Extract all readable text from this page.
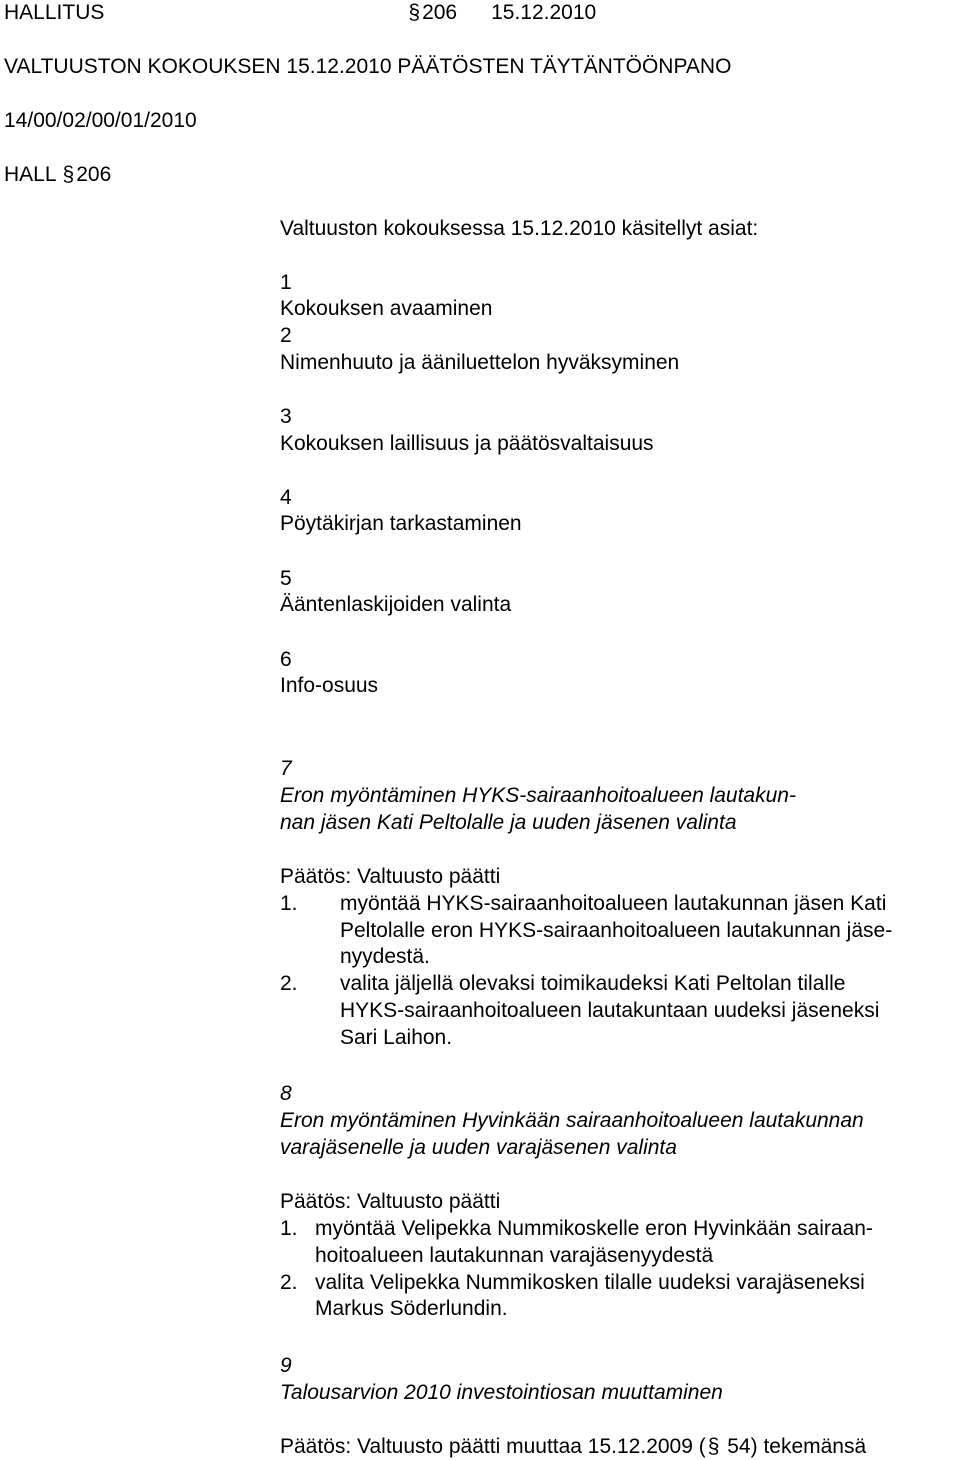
HALLITUS	§206 15.12.2010
VALTUUSTON KOKOUKSEN 15.12.2010 PÄÄTÖSTEN TÄYTÄNTÖÖNPANO
14/00/02/00/01/2010
HALL §206
Valtuuston kokouksessa 15.12.2010 käsitellyt asiat:
1
Kokouksen avaaminen
2
Nimenhuuto ja ääniluettelon hyväksyminen
3
Kokouksen laillisuus ja päätösvaltaisuus
4
Pöytäkirjan tarkastaminen
5
Ääntenlaskijoiden valinta
6
Info-osuus
7
Eron myöntäminen HYKS-sairaanhoitoalueen lautakun-
nan jäsen Kati Peltolalle ja uuden jäsenen valinta
Päätös: Valtuusto päätti
1. myöntää HYKS-sairaanhoitoalueen lautakunnan jäsen Kati
Peltolalle eron HYKS-sairaanhoitoalueen lautakunnan jäse-
nyydestä.
2. valita jäljellä olevaksi toimikaudeksi Kati Peltolan tilalle
HYKS-sairaanhoitoalueen lautakuntaan uudeksi jäseneksi
Sari Laihon.
8
Eron myöntäminen Hyvinkään sairaanhoitoalueen lautakunnan
varajäsenelle ja uuden varajäsenen valinta
Päätös: Valtuusto päätti
1. myöntää Velipekka Nummikoskelle eron Hyvinkään sairaan-
hoitoalueen lautakunnan varajäsenyydestä
2. valita Velipekka Nummikosken tilalle uudeksi varajäseneksi
Markus Söderlundin.
9
Talousarvion 2010 investointiosan muuttaminen
Päätös: Valtuusto päätti muuttaa 15.12.2009 (§ 54) tekemänsä
